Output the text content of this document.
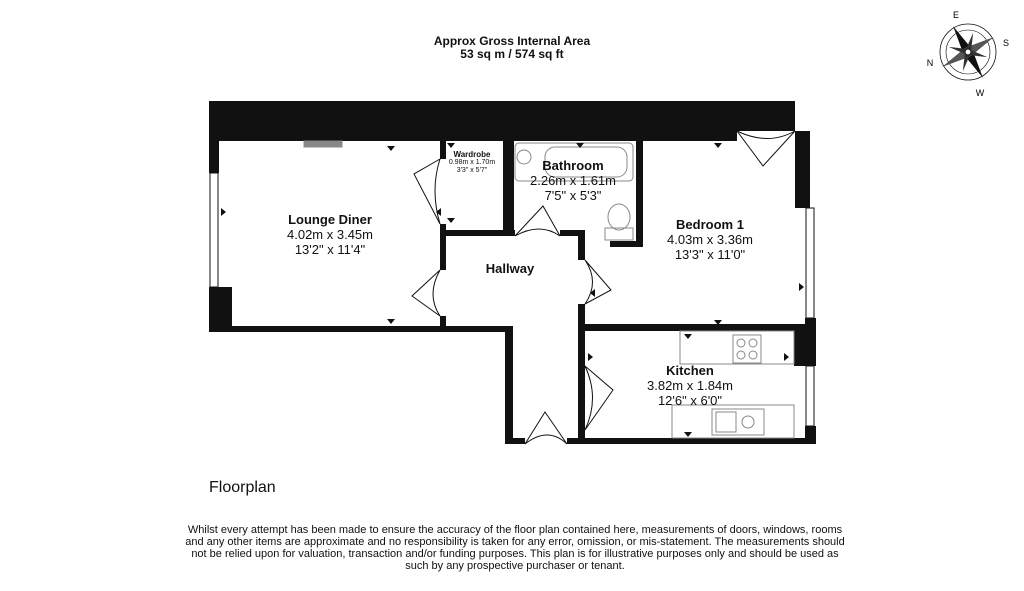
Approx Gross Internal Area
53 sq m / 574 sq ft
E
S
W
N
Lounge Diner
4.02m x 3.45m
13'2" x 11'4"
Wardrobe
0.98m x 1.70m
3'3" x 5'7"	Bathroom
2.26m x 1.61m
7'5" x 5'3"
Bedroom 1
4.03m x 3.36m
13'3" x 11'0"
Hallway
Kitchen
3.82m x 1.84m
12'6" x 6'0"
Floorplan
Whilst every attempt has been made to ensure the accuracy of the floor plan contained here, measurements of doors, windows, rooms and any other items are approximate and no responsibility is taken for any error, omission, or mis-statement. The measurements should not be relied upon for valuation, transaction and/or funding purposes. This plan is for illustrative purposes only and should be used as such by any prospective purchaser or tenant.
